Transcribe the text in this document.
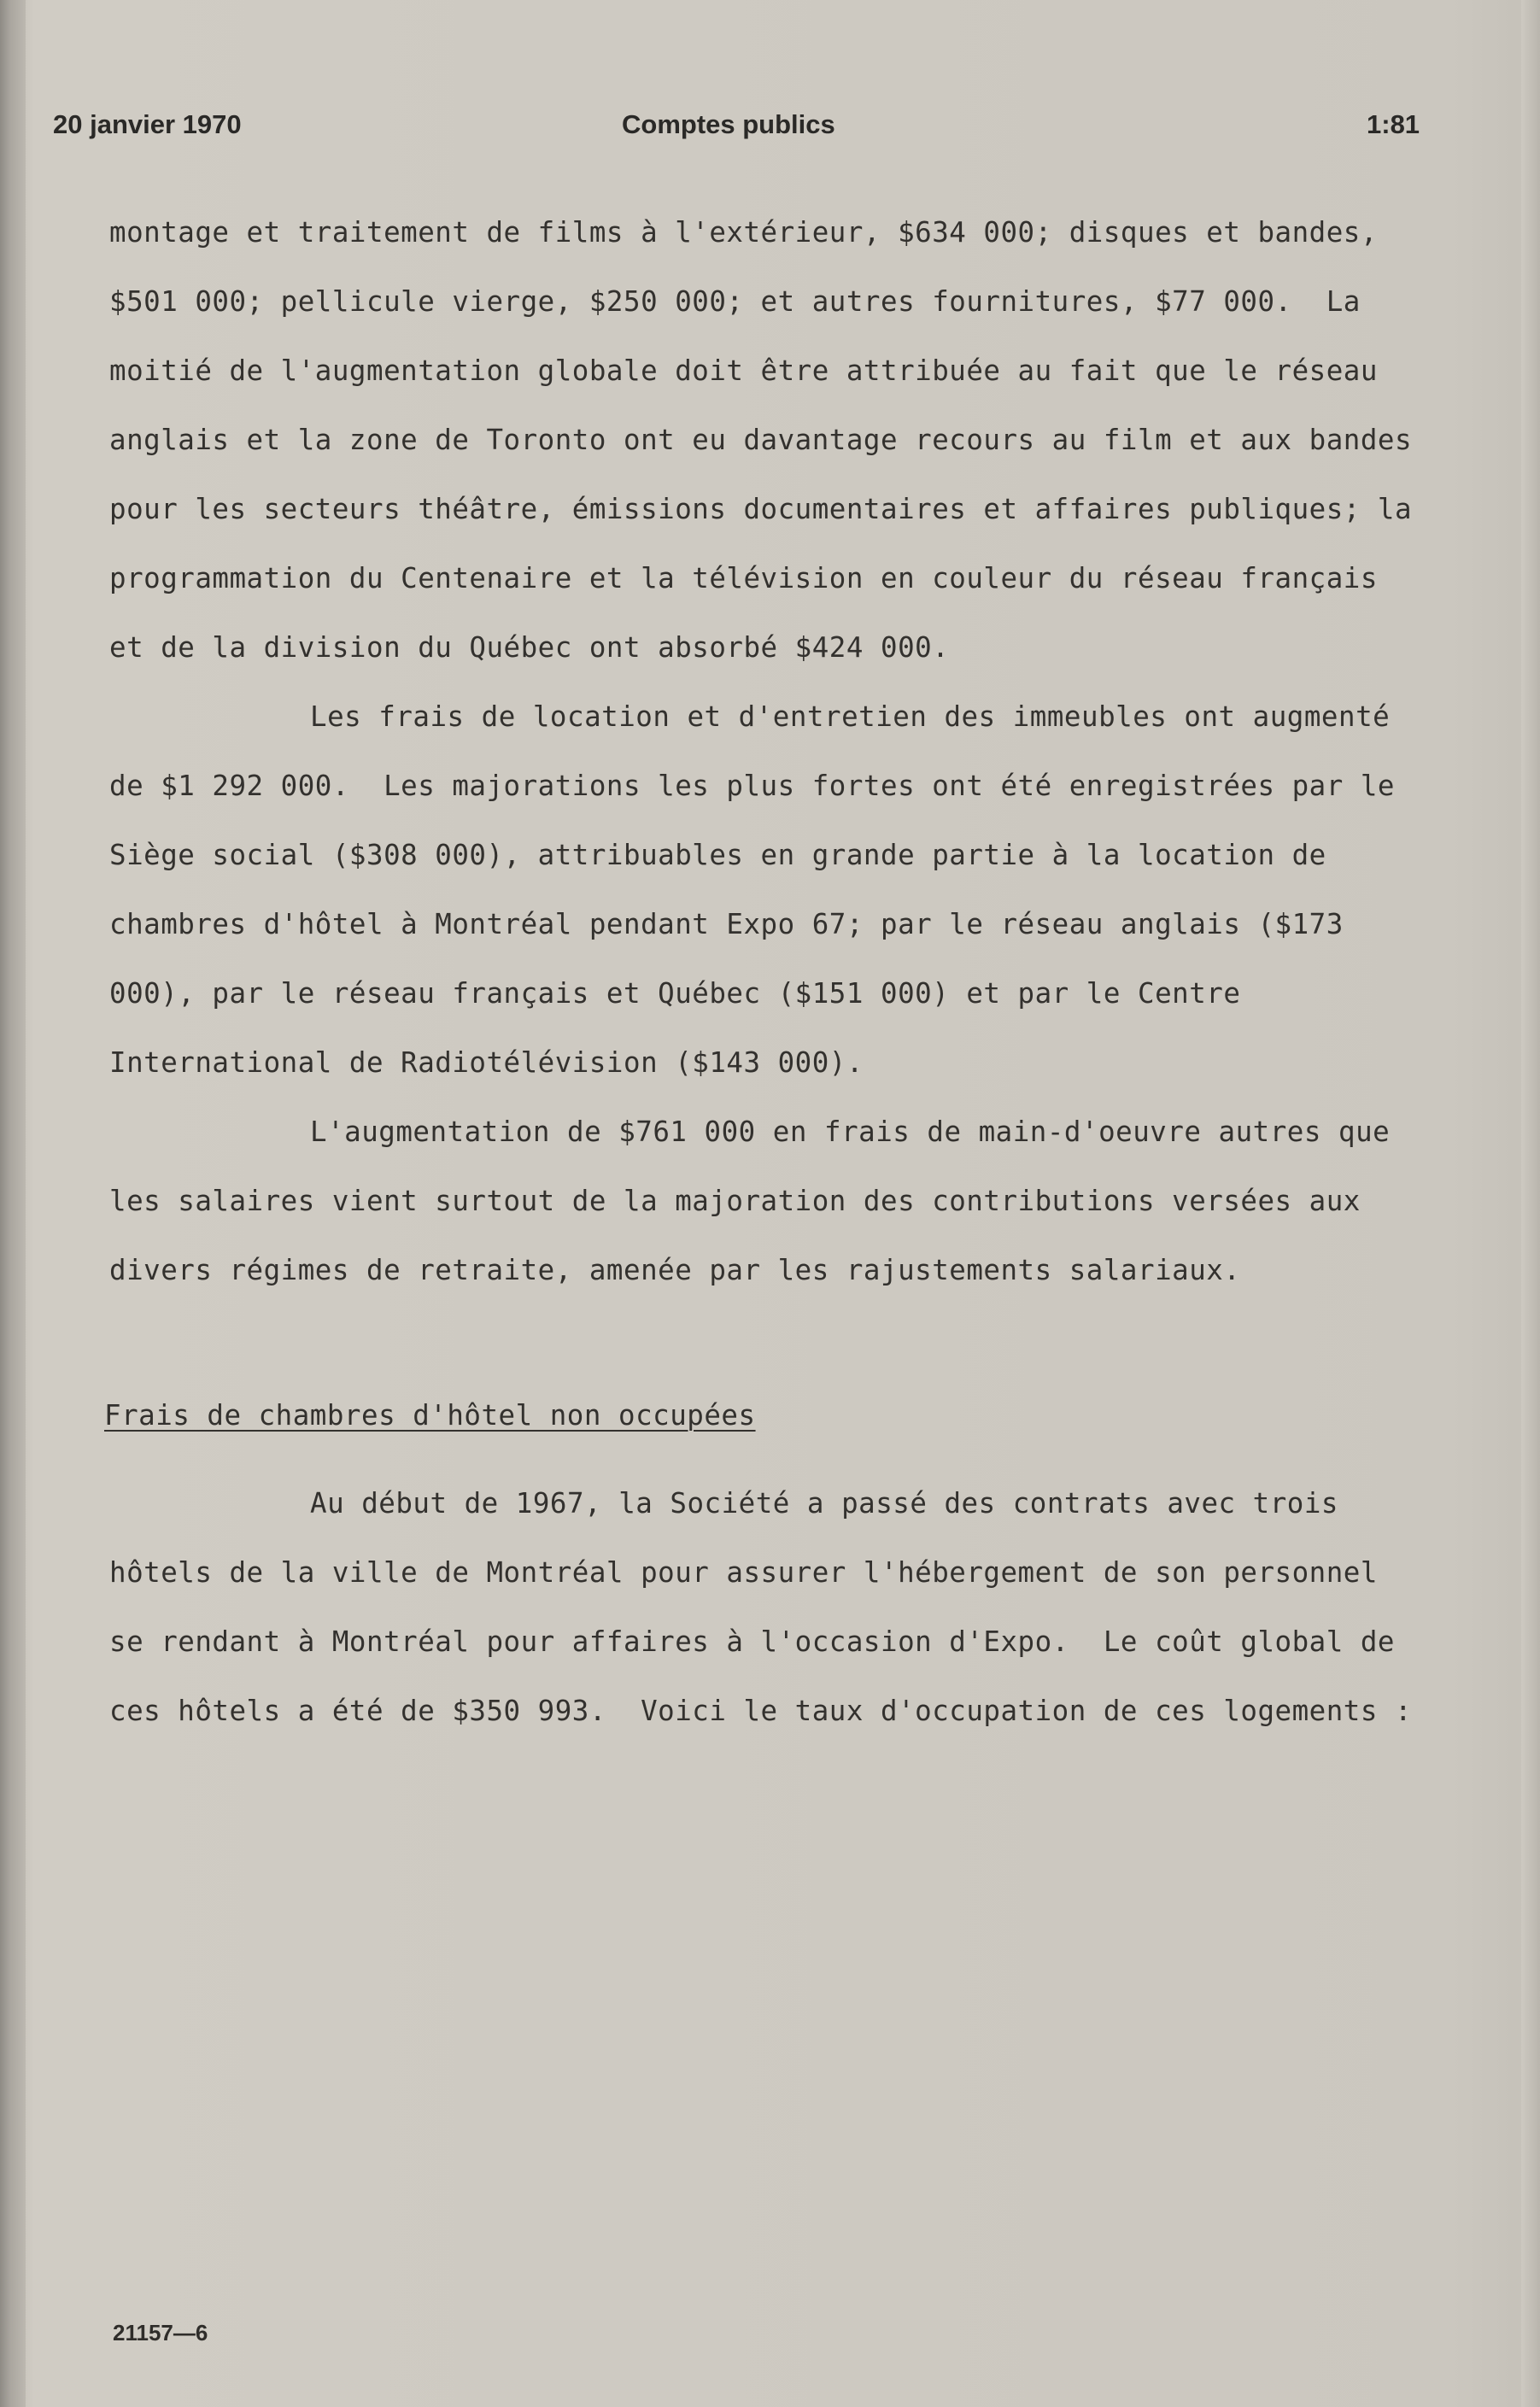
20 janvier 1970	Comptes publics	1:81

montage et traitement de films à l'extérieur, $634 000; disques et bandes, $501 000; pellicule vierge, $250 000; et autres fournitures, $77 000.  La moitié de l'augmentation globale doit être attribuée au fait que le réseau anglais et la zone de Toronto ont eu davantage recours au film et aux bandes pour les secteurs théâtre, émissions documentaires et affaires publiques; la programmation du Centenaire et la télévision en couleur du réseau français et de la division du Québec ont absorbé $424 000.

Les frais de location et d'entretien des immeubles ont augmenté de $1 292 000.  Les majorations les plus fortes ont été enregistrées par le Siège social ($308 000), attribuables en grande partie à la location de chambres d'hôtel à Montréal pendant Expo 67; par le réseau anglais ($173 000), par le réseau français et Québec ($151 000) et par le Centre International de Radiotélévision ($143 000).

L'augmentation de $761 000 en frais de main-d'oeuvre autres que les salaires vient surtout de la majoration des contributions versées aux divers régimes de retraite, amenée par les rajustements salariaux.

Frais de chambres d'hôtel non occupées

Au début de 1967, la Société a passé des contrats avec trois hôtels de la ville de Montréal pour assurer l'hébergement de son personnel se rendant à Montréal pour affaires à l'occasion d'Expo.  Le coût global de ces hôtels a été de $350 993.  Voici le taux d'occupation de ces logements :

21157—6
